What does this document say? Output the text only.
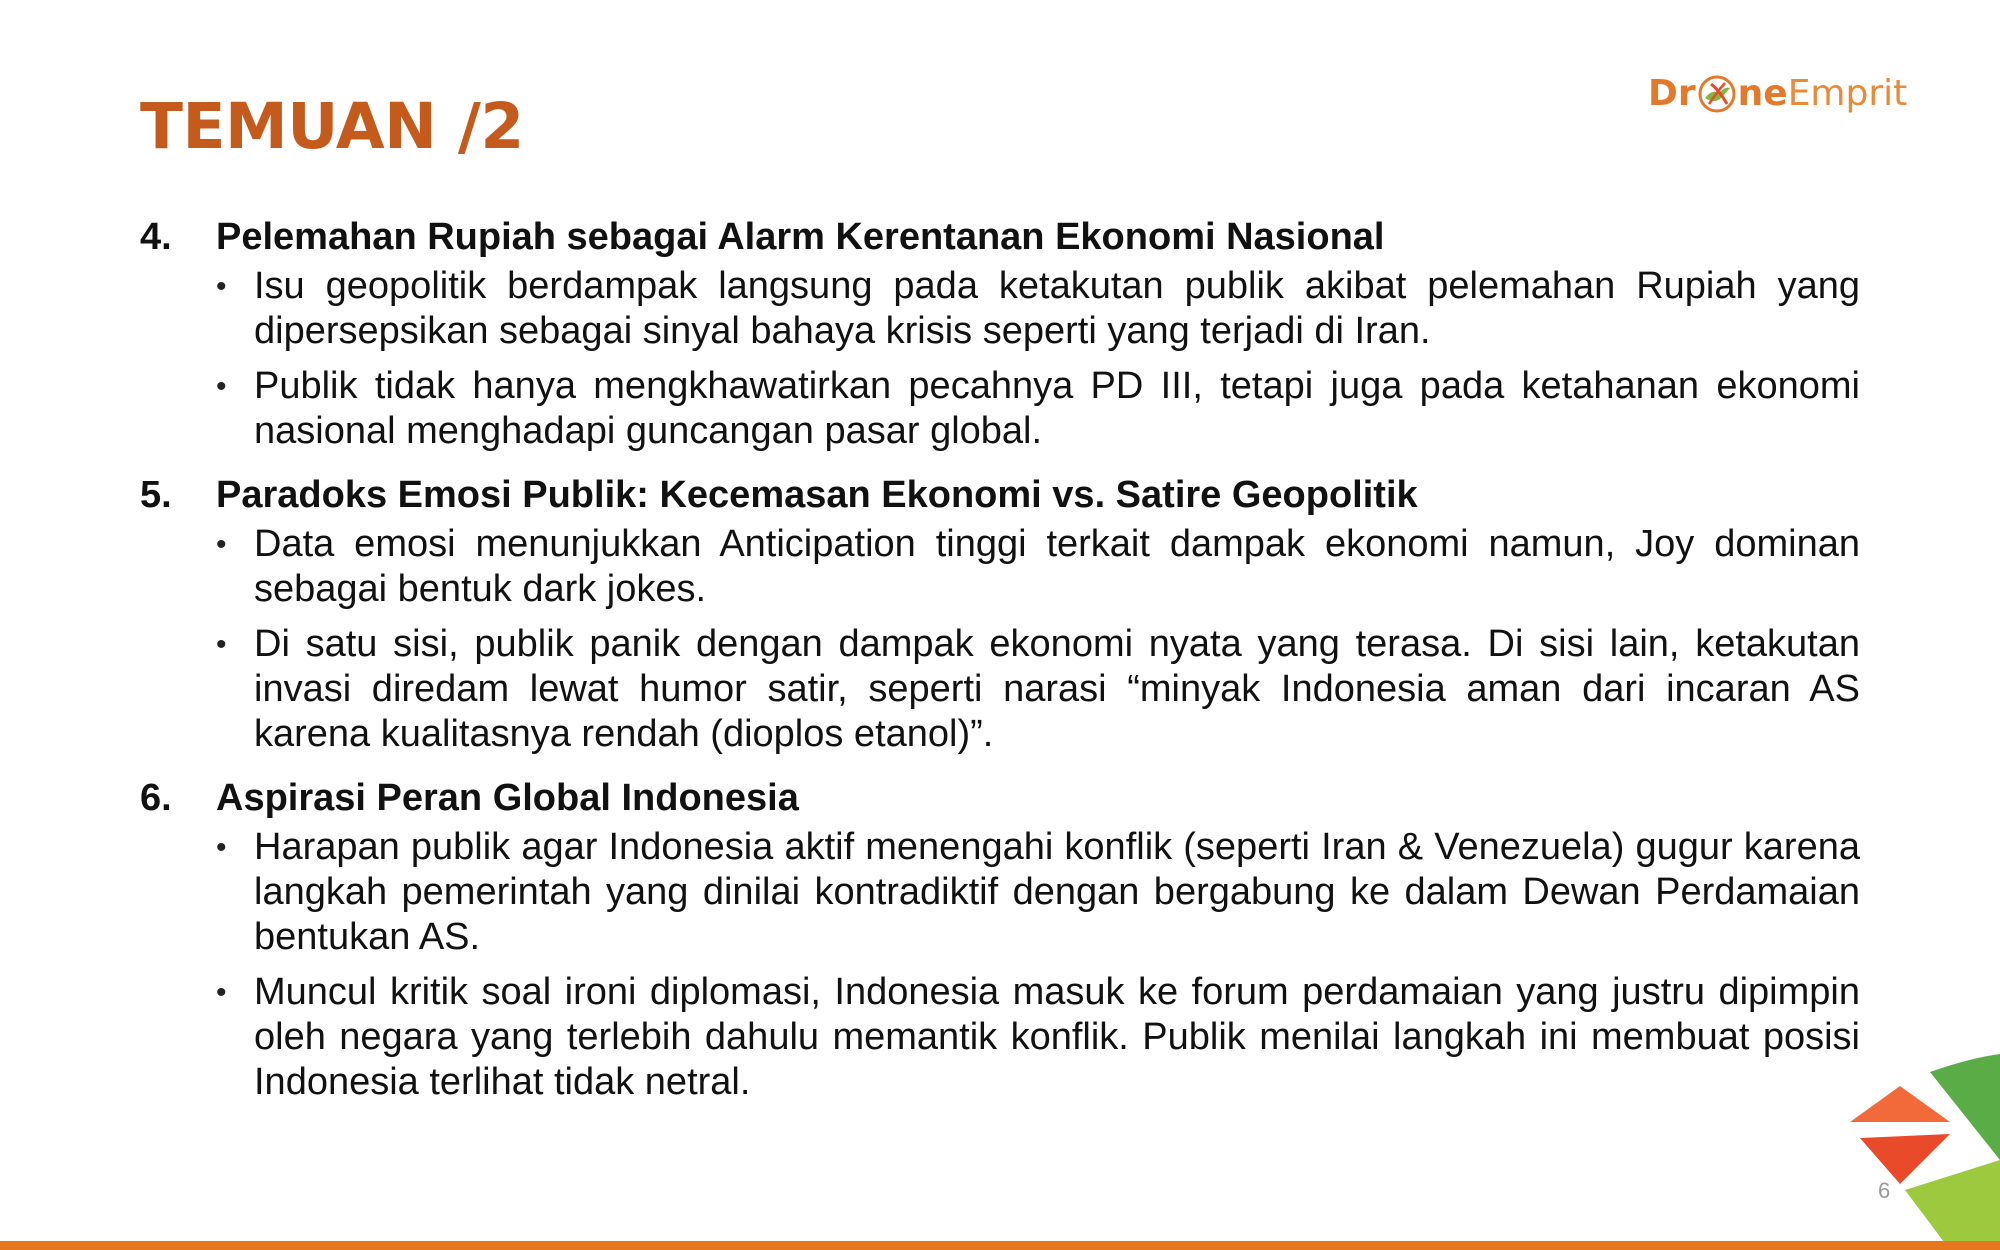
TEMUAN /2	Dr ne Emprit
4.	Pelemahan Rupiah sebagai Alarm Kerentanan Ekonomi Nasional
• Isu geopolitik berdampak langsung pada ketakutan publik akibat pelemahan Rupiah yang dipersepsikan sebagai sinyal bahaya krisis seperti yang terjadi di Iran.
• Publik tidak hanya mengkhawatirkan pecahnya PD III, tetapi juga pada ketahanan ekonomi nasional menghadapi guncangan pasar global.
5.	Paradoks Emosi Publik: Kecemasan Ekonomi vs. Satire Geopolitik
• Data emosi menunjukkan Anticipation tinggi terkait dampak ekonomi namun, Joy dominan sebagai bentuk dark jokes.
• Di satu sisi, publik panik dengan dampak ekonomi nyata yang terasa. Di sisi lain, ketakutan invasi diredam lewat humor satir, seperti narasi “minyak Indonesia aman dari incaran AS karena kualitasnya rendah (dioplos etanol)”.
6.	Aspirasi Peran Global Indonesia
• Harapan publik agar Indonesia aktif menengahi konflik (seperti Iran & Venezuela) gugur karena langkah pemerintah yang dinilai kontradiktif dengan bergabung ke dalam Dewan Perdamaian bentukan AS.
• Muncul kritik soal ironi diplomasi, Indonesia masuk ke forum perdamaian yang justru dipimpin oleh negara yang terlebih dahulu memantik konflik. Publik menilai langkah ini membuat posisi Indonesia terlihat tidak netral.
6
